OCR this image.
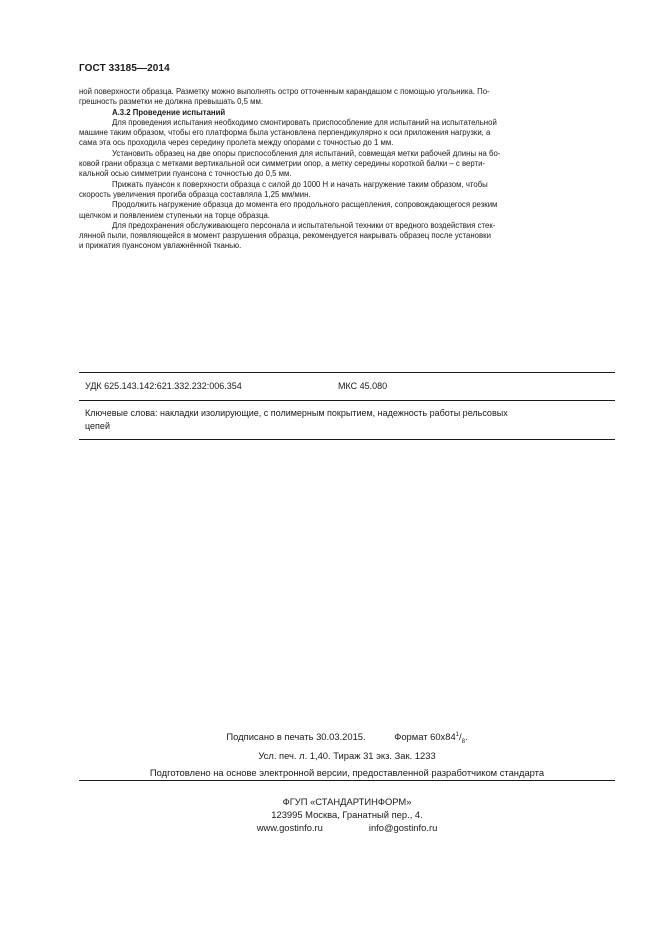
ГОСТ 33185—2014
ной поверхности образца. Разметку можно выполнять остро отточенным карандашом с помощью угольника. По-
грешность разметки не должна превышать 0,5 мм.
А.3.2 Проведение испытаний
Для проведения испытания необходимо смонтировать приспособление для испытаний на испытательной
машине таким образом, чтобы его платформа была установлена перпендикулярно к оси приложения нагрузки, а
сама эта ось проходила через середину пролета между опорами с точностью до 1 мм.
Установить образец на две опоры приспособления для испытаний, совмещая метки рабочей длины на бо-
ковой грани образца с метками вертикальной оси симметрии опор, а метку середины короткой балки – с верти-
кальной осью симметрии пуансона с точностью до 0,5 мм.
Прижать пуансон к поверхности образца с силой до 1000 Н и начать нагружение таким образом, чтобы
скорость увеличения прогиба образца составляла 1,25 мм/мин.
Продолжить нагружение образца до момента его продольного расщепления, сопровождающегося резким
щелчком и появлением ступеньки на торце образца.
Для предохранения обслуживающего персонала и испытательной техники от вредного воздействия стек-
лянной пыли, появляющейся в момент разрушения образца, рекомендуется накрывать образец после установки
и прижатия пуансоном увлажнённой тканью.
УДК 625.143.142:621.332.232:006.354	МКС 45.080
Ключевые слова: накладки изолирующие, с полимерным покрытием, надежность работы рельсовых
цепей
Подписано в печать 30.03.2015.	Формат $60x84^1/_8$.
Усл. печ. л. 1,40. Тираж 31 экз. Зак. 1233
Подготовлено на основе электронной версии, предоставленной разработчиком стандарта
ФГУП «СТАНДАРТИНФОРМ»
123995 Москва, Гранатный пер., 4.
www.gostinfo.ru	info@gostinfo.ru
